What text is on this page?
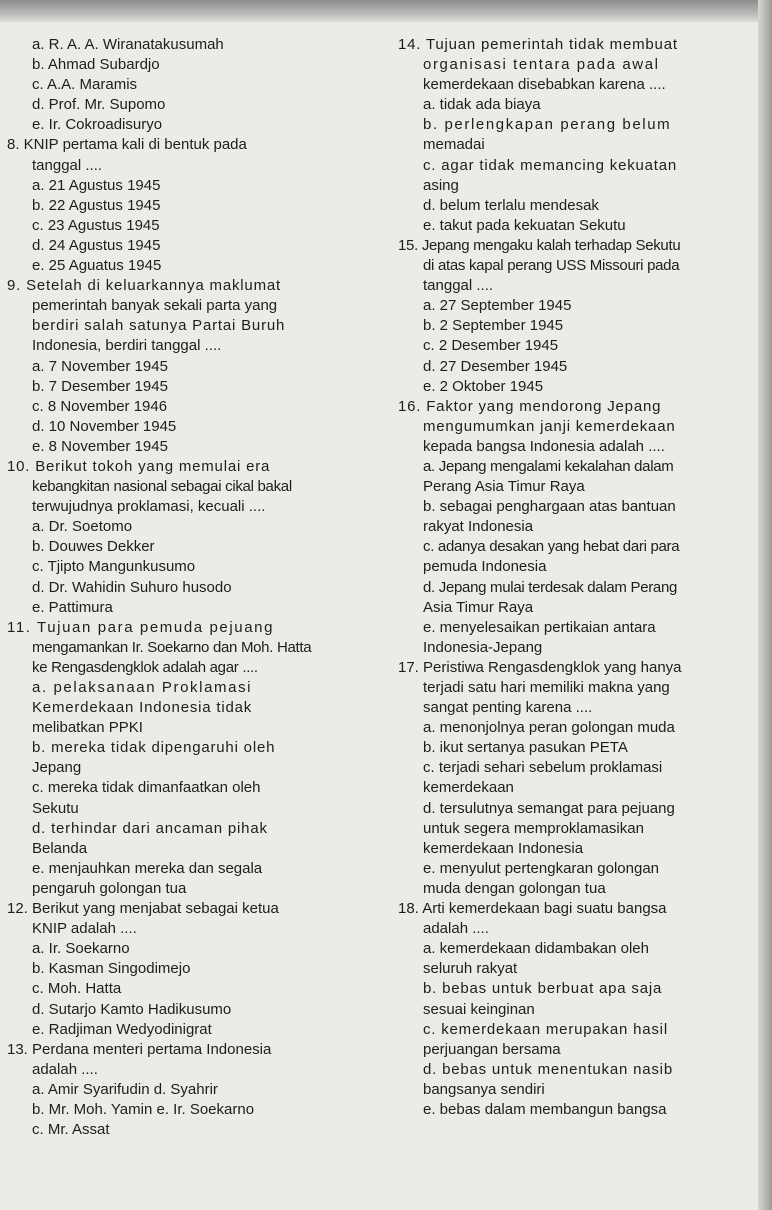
a. R. A. A. Wiranatakusumah
b. Ahmad Subardjo
c. A.A. Maramis
d. Prof. Mr. Supomo
e. Ir. Cokroadisuryo
8. KNIP pertama kali di bentuk pada
tanggal ....
a. 21 Agustus 1945
b. 22 Agustus 1945
c. 23 Agustus 1945
d. 24 Agustus 1945
e. 25 Aguatus 1945
9. Setelah di keluarkannya maklumat
pemerintah banyak sekali parta yang
berdiri salah satunya Partai Buruh
Indonesia, berdiri tanggal ....
a. 7 November 1945
b. 7 Desember 1945
c. 8 November 1946
d. 10 November 1945
e. 8 November 1945
10. Berikut tokoh yang memulai era
kebangkitan nasional sebagai cikal bakal
terwujudnya proklamasi, kecuali ....
a. Dr. Soetomo
b. Douwes Dekker
c. Tjipto Mangunkusumo
d. Dr. Wahidin Suhuro husodo
e. Pattimura
11. Tujuan para pemuda pejuang
mengamankan Ir. Soekarno dan Moh. Hatta
ke Rengasdengklok adalah agar ....
a. pelaksanaan Proklamasi
Kemerdekaan Indonesia tidak
melibatkan PPKI
b. mereka tidak dipengaruhi oleh
Jepang
c. mereka tidak dimanfaatkan oleh
Sekutu
d. terhindar dari ancaman pihak
Belanda
e. menjauhkan mereka dan segala
pengaruh golongan tua
12. Berikut yang menjabat sebagai ketua
KNIP adalah ....
a. Ir. Soekarno
b. Kasman Singodimejo
c. Moh. Hatta
d. Sutarjo Kamto Hadikusumo
e. Radjiman Wedyodinigrat
13. Perdana menteri pertama Indonesia
adalah ....
a. Amir Syarifudin d. Syahrir
b. Mr. Moh. Yamin e. Ir. Soekarno
c. Mr. Assat
14. Tujuan pemerintah tidak membuat
organisasi tentara pada awal
kemerdekaan disebabkan karena ....
a. tidak ada biaya
b. perlengkapan perang belum
memadai
c. agar tidak memancing kekuatan
asing
d. belum terlalu mendesak
e. takut pada kekuatan Sekutu
15. Jepang mengaku kalah terhadap Sekutu
di atas kapal perang USS Missouri pada
tanggal ....
a. 27 September 1945
b. 2 September 1945
c. 2 Desember 1945
d. 27 Desember 1945
e. 2 Oktober 1945
16. Faktor yang mendorong Jepang
mengumumkan janji kemerdekaan
kepada bangsa Indonesia adalah ....
a. Jepang mengalami kekalahan dalam
Perang Asia Timur Raya
b. sebagai penghargaan atas bantuan
rakyat Indonesia
c. adanya desakan yang hebat dari para
pemuda Indonesia
d. Jepang mulai terdesak dalam Perang
Asia Timur Raya
e. menyelesaikan pertikaian antara
Indonesia-Jepang
17. Peristiwa Rengasdengklok yang hanya
terjadi satu hari memiliki makna yang
sangat penting karena ....
a. menonjolnya peran golongan muda
b. ikut sertanya pasukan PETA
c. terjadi sehari sebelum proklamasi
kemerdekaan
d. tersulutnya semangat para pejuang
untuk segera memproklamasikan
kemerdekaan Indonesia
e. menyulut pertengkaran golongan
muda dengan golongan tua
18. Arti kemerdekaan bagi suatu bangsa
adalah ....
a. kemerdekaan didambakan oleh
seluruh rakyat
b. bebas untuk berbuat apa saja
sesuai keinginan
c. kemerdekaan merupakan hasil
perjuangan bersama
d. bebas untuk menentukan nasib
bangsanya sendiri
e. bebas dalam membangun bangsa
